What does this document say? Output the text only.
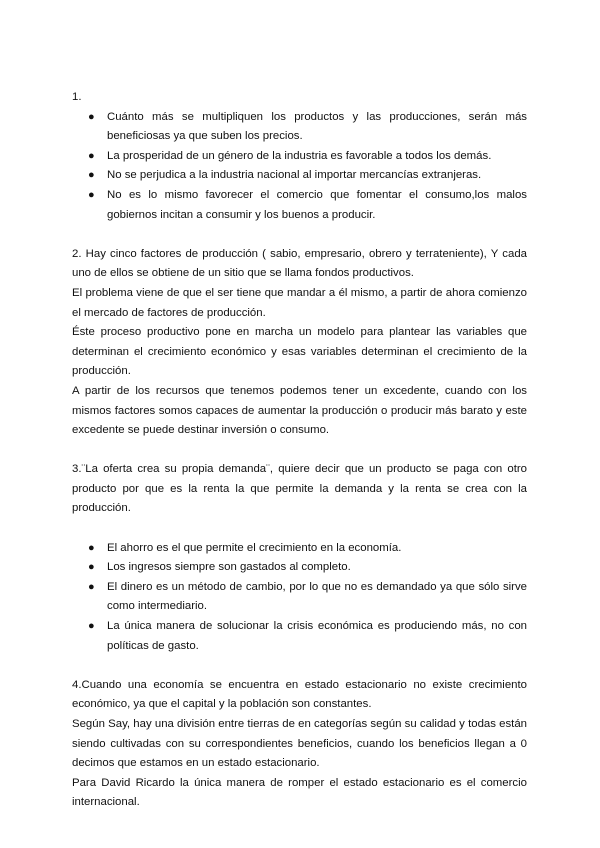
1.
● Cuánto más se multipliquen los productos y las producciones, serán más beneficiosas ya que suben los precios.
● La prosperidad de un género de la industria es favorable a todos los demás.
● No se perjudica a la industria nacional al importar mercancías extranjeras.
● No es lo mismo favorecer el comercio que fomentar el consumo,los malos gobiernos incitan a consumir y los buenos a producir.

2. Hay cinco factores de producción ( sabio, empresario, obrero y terrateniente), Y cada uno de ellos se obtiene de un sitio que se llama fondos productivos.

El problema viene de que el ser tiene que mandar a él mismo, a partir de ahora comienzo el mercado de factores de producción.

Éste proceso productivo pone en marcha un modelo para plantear las variables que determinan el crecimiento económico y esas variables determinan el crecimiento de la producción.

A partir de los recursos que tenemos podemos tener un excedente, cuando con los mismos factores somos capaces de aumentar la producción o producir más barato y este excedente se puede destinar inversión o consumo.

3.¨La oferta crea su propia demanda¨, quiere decir que un producto se paga con otro producto por que es la renta la que permite la demanda y la renta se crea con la producción.

● El ahorro es el que permite el crecimiento en la economía.
● Los ingresos siempre son gastados al completo.
● El dinero es un método de cambio, por lo que no es demandado ya que sólo sirve como intermediario.
● La única manera de solucionar la crisis económica es produciendo más, no con políticas de gasto.

4.Cuando una economía se encuentra en estado estacionario no existe crecimiento económico, ya que el capital y la población son constantes.

Según Say, hay una división entre tierras de en categorías según su calidad y todas están siendo cultivadas con su correspondientes beneficios, cuando los beneficios llegan a 0 decimos que estamos en un estado estacionario.

Para David Ricardo la única manera de romper el estado estacionario es el comercio internacional.
